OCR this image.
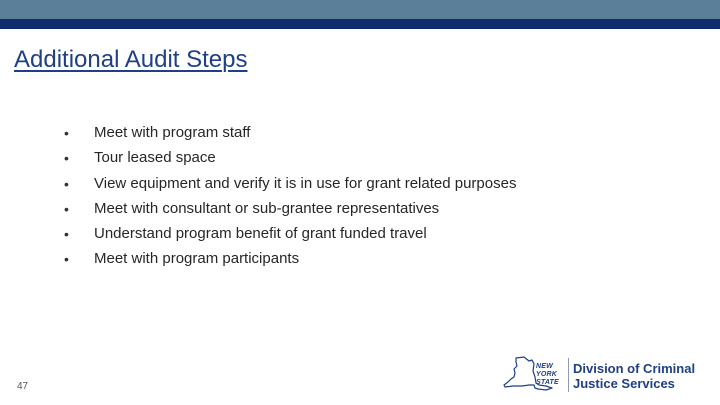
Additional Audit Steps
• Meet with program staff
• Tour leased space
• View equipment and verify it is in use for grant related purposes
• Meet with consultant or sub-grantee representatives
• Understand program benefit of grant funded travel
• Meet with program participants
47
NEW
YORK
STATE
Division of Criminal
Justice Services
